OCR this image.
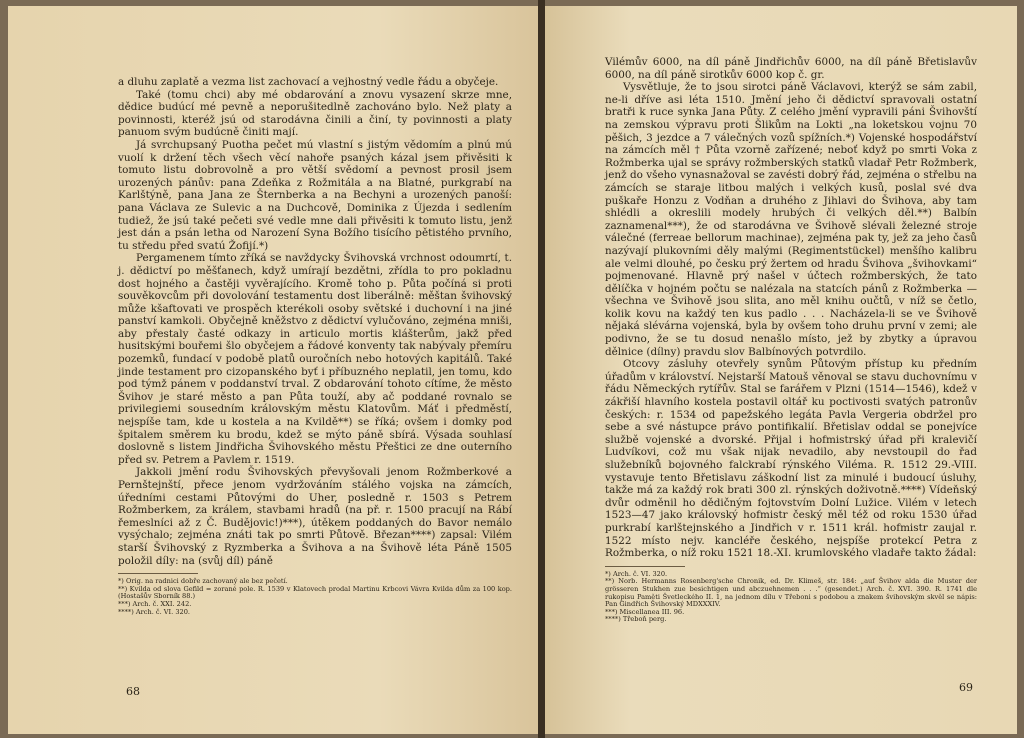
a dluhu zaplatě a vezma list zachovací a vejhostný vedle řádu a obyčeje.

Také (tomu chci) aby mé obdarování a znovu vysazení skrze mne, dědice budúcí mé pevně a neporušitedlně zachováno bylo. Než platy a povinnosti, kteréž jsú od starodávna činili a činí, ty povinnosti a platy panuom svým budúcně činiti mají.

Já svrchupsaný Puotha pečet mú vlastní s jistým vědomím a plnú mú vuolí k držení těch všech věcí nahoře psaných kázal jsem přivěsiti k tomuto listu dobrovolně a pro větší svědomí a pevnost prosil jsem urozených pánův: pana Zdeňka z Rožmitála a na Blatné, purkgrabí na Karlštýně, pana Jana ze Šternberka a na Bechyni a urozených panoší: pana Václava ze Sulevic a na Duchcově, Dominika z Újezda i sedlením tudiež, že jsú také pečeti své vedle mne dali přivěsiti k tomuto listu, jenž jest dán a psán letha od Narození Syna Božího tisícího pětistého prvního, tu středu před svatú Žofijí.*)

Pergamenem tímto zříká se navždycky Švihovská vrchnost odoumrtí, t. j. dědictví po měšťanech, když umírají bezdětni, zřídla to pro pokladnu dost hojného a častěji vyvěrajícího. Kromě toho p. Půta počíná si proti souvěkovcům při dovolování testamentu dost liberálně: měštan švihovský může kšaftovati ve prospěch kterékoli osoby světské i duchovní i na jiné panství kamkoli. Obyčejně kněžstvo z dědictví vylučováno, zejména mniši, aby přestaly časté odkazy in articulo mortis klášterům, jakž před husitskými bouřemi šlo obyčejem a řádové konventy tak nabývaly přemíru pozemků, fundací v podobě platů ouročních nebo hotových kapitálů. Také jinde testament pro cizopanského byť i příbuzného neplatil, jen tomu, kdo pod týmž pánem v poddanství trval. Z obdarování tohoto cítíme, že město Švihov je staré město a pan Půta touží, aby ač poddané rovnalo se privilegiemi sousedním královským městu Klatovům. Máť i předměstí, nejspíše tam, kde u kostela a na Kvildě**) se říká; ovšem i domky pod špitalem směrem ku brodu, kdež se mýto páně sbírá. Výsada souhlasí doslovně s listem Jindřicha Švihovského městu Přeštici ze dne outerního před sv. Petrem a Pavlem r. 1519.

Jakkoli jmění rodu Švihovských převyšovali jenom Rožmberkové a Pernštejnští, přece jenom vydržováním stálého vojska na zámcích, úředními cestami Půtovými do Uher, posledně r. 1503 s Petrem Rožmberkem, za králem, stavbami hradů (na př. r. 1500 pracují na Rábí řemeslníci až z Č. Budějovic!)***), útěkem poddaných do Bavor nemálo vysýchalo; zejména znáti tak po smrti Půtově. Březan****) zapsal: Vilém starší Švihovský z Ryzmberka a Švihova a na Švihově léta Páně 1505 položil díly: na (svůj díl) páně

*) Orig. na radnici dobře zachovaný ale bez pečetí.

**) Kvilda od slova Gefild = zorané pole. R. 1539 v Klatovech prodal Martinu Krbcovi Vávra Kvilda dům za 100 kop. (Hostašův Sborník 88.)

***) Arch. č. XXI. 242.

****) Arch. č. VI. 320.

68

Vilémův 6000, na díl páně Jindřichův 6000, na díl páně Břetislavův 6000, na díl páně sirotkův 6000 kop č. gr.

Vysvětluje, že to jsou sirotci páně Václavovi, kterýž se sám zabil, ne-li dříve asi léta 1510. Jmění jeho či dědictví spravovali ostatní bratři k ruce synka Jana Půty. Z celého jmění vypravili páni Švihovští na zemskou výpravu proti Šlikům na Lokti „na loketskou vojnu 70 pěšich, 3 jezdce a 7 válečných vozů spížních.*) Vojenské hospodářství na zámcích měl † Půta vzorně zařízené; neboť když po smrti Voka z Rožmberka ujal se správy rožmberských statků vladař Petr Rožmberk, jenž do všeho vynasnažoval se zavésti dobrý řád, zejména o střelbu na zámcích se staraje litbou malých i velkých kusů, poslal své dva puškaře Honzu z Vodňan a druhého z Jihlavi do Švihova, aby tam shlédli a okreslili modely hrubých či velkých děl.**) Balbín zaznamenal***), že od starodávna ve Švihově slévali železné stroje válečné (ferreae bellorum machinae), zejména pak ty, jež za jeho časů nazývají plukovními děly malými (Regimentstückel) menšího kalibru ale velmi dlouhé, po česku prý žertem od hradu Švihova „švihovkami“ pojmenované. Hlavně prý našel v účtech rožmberských, že tato dělíčka v hojném počtu se nalézala na statcích pánů z Rožmberka — všechna ve Švihově jsou slita, ano měl knihu oučtů, v níž se četlo, kolik kovu na každý ten kus padlo . . . Nacházela-li se ve Švihově nějaká slévárna vojenská, byla by ovšem toho druhu první v zemi; ale podivno, že se tu dosud nenašlo místo, jež by zbytky a úpravou dělnice (dílny) pravdu slov Balbínových potvrdilo.

Otcovy zásluhy otevřely synům Půtovým přístup ku předním úřadům v království. Nejstarší Matouš věnoval se stavu duchovnímu v řádu Německých rytířův. Stal se farářem v Plzni (1514—1546), kdež v zákřiší hlavního kostela postavil oltář ku poctivosti svatých patronův českých: r. 1534 od papežského legáta Pavla Vergeria obdržel pro sebe a své nástupce právo pontifikalií. Břetislav oddal se ponejvíce službě vojenské a dvorské. Přijal i hofmistrský úřad při kralevičí Ludvíkovi, což mu však nijak nevadilo, aby nevstoupil do řad služebníků bojovného falckrabí rýnského Viléma. R. 1512 29.-VIII. vystavuje tento Břetislavu záškodní list za minulé i budoucí úsluhy, takže má za každý rok brati 300 zl. rýnských doživotně.****) Vídeňský dvůr odměnil ho dědičným fojtovstvím Dolní Lužice. Vilém v letech 1523—47 jako královský hofmistr český měl též od roku 1530 úřad purkrabí karlštejnského a Jindřich v r. 1511 král. hofmistr zaujal r. 1522 místo nejv. kancléře českého, nejspíše protekcí Petra z Rožmberka, o níž roku 1521 18.-XI. krumlovského vladaře takto žádal:

*) Arch. č. VI. 320.

**) Norb. Hermanns Rosenberg'sche Chronik, ed. Dr. Klimeš, str. 184: „auf Švihov alda die Muster der grösseren Stukhen zue besichtigen und abczuehnemen . . .“ (gesendet.) Arch. č. XVI. 390. R. 1741 dle rukopisu Paměti Švetleckého II. 1, na jednom dílu v Třeboni s podobou a znakem švihovským skvěl se nápis: Pan Gindřich Švihovský MDXXXIV.

***) Miscellanea III. 96.

****) Třeboň perg.

69
